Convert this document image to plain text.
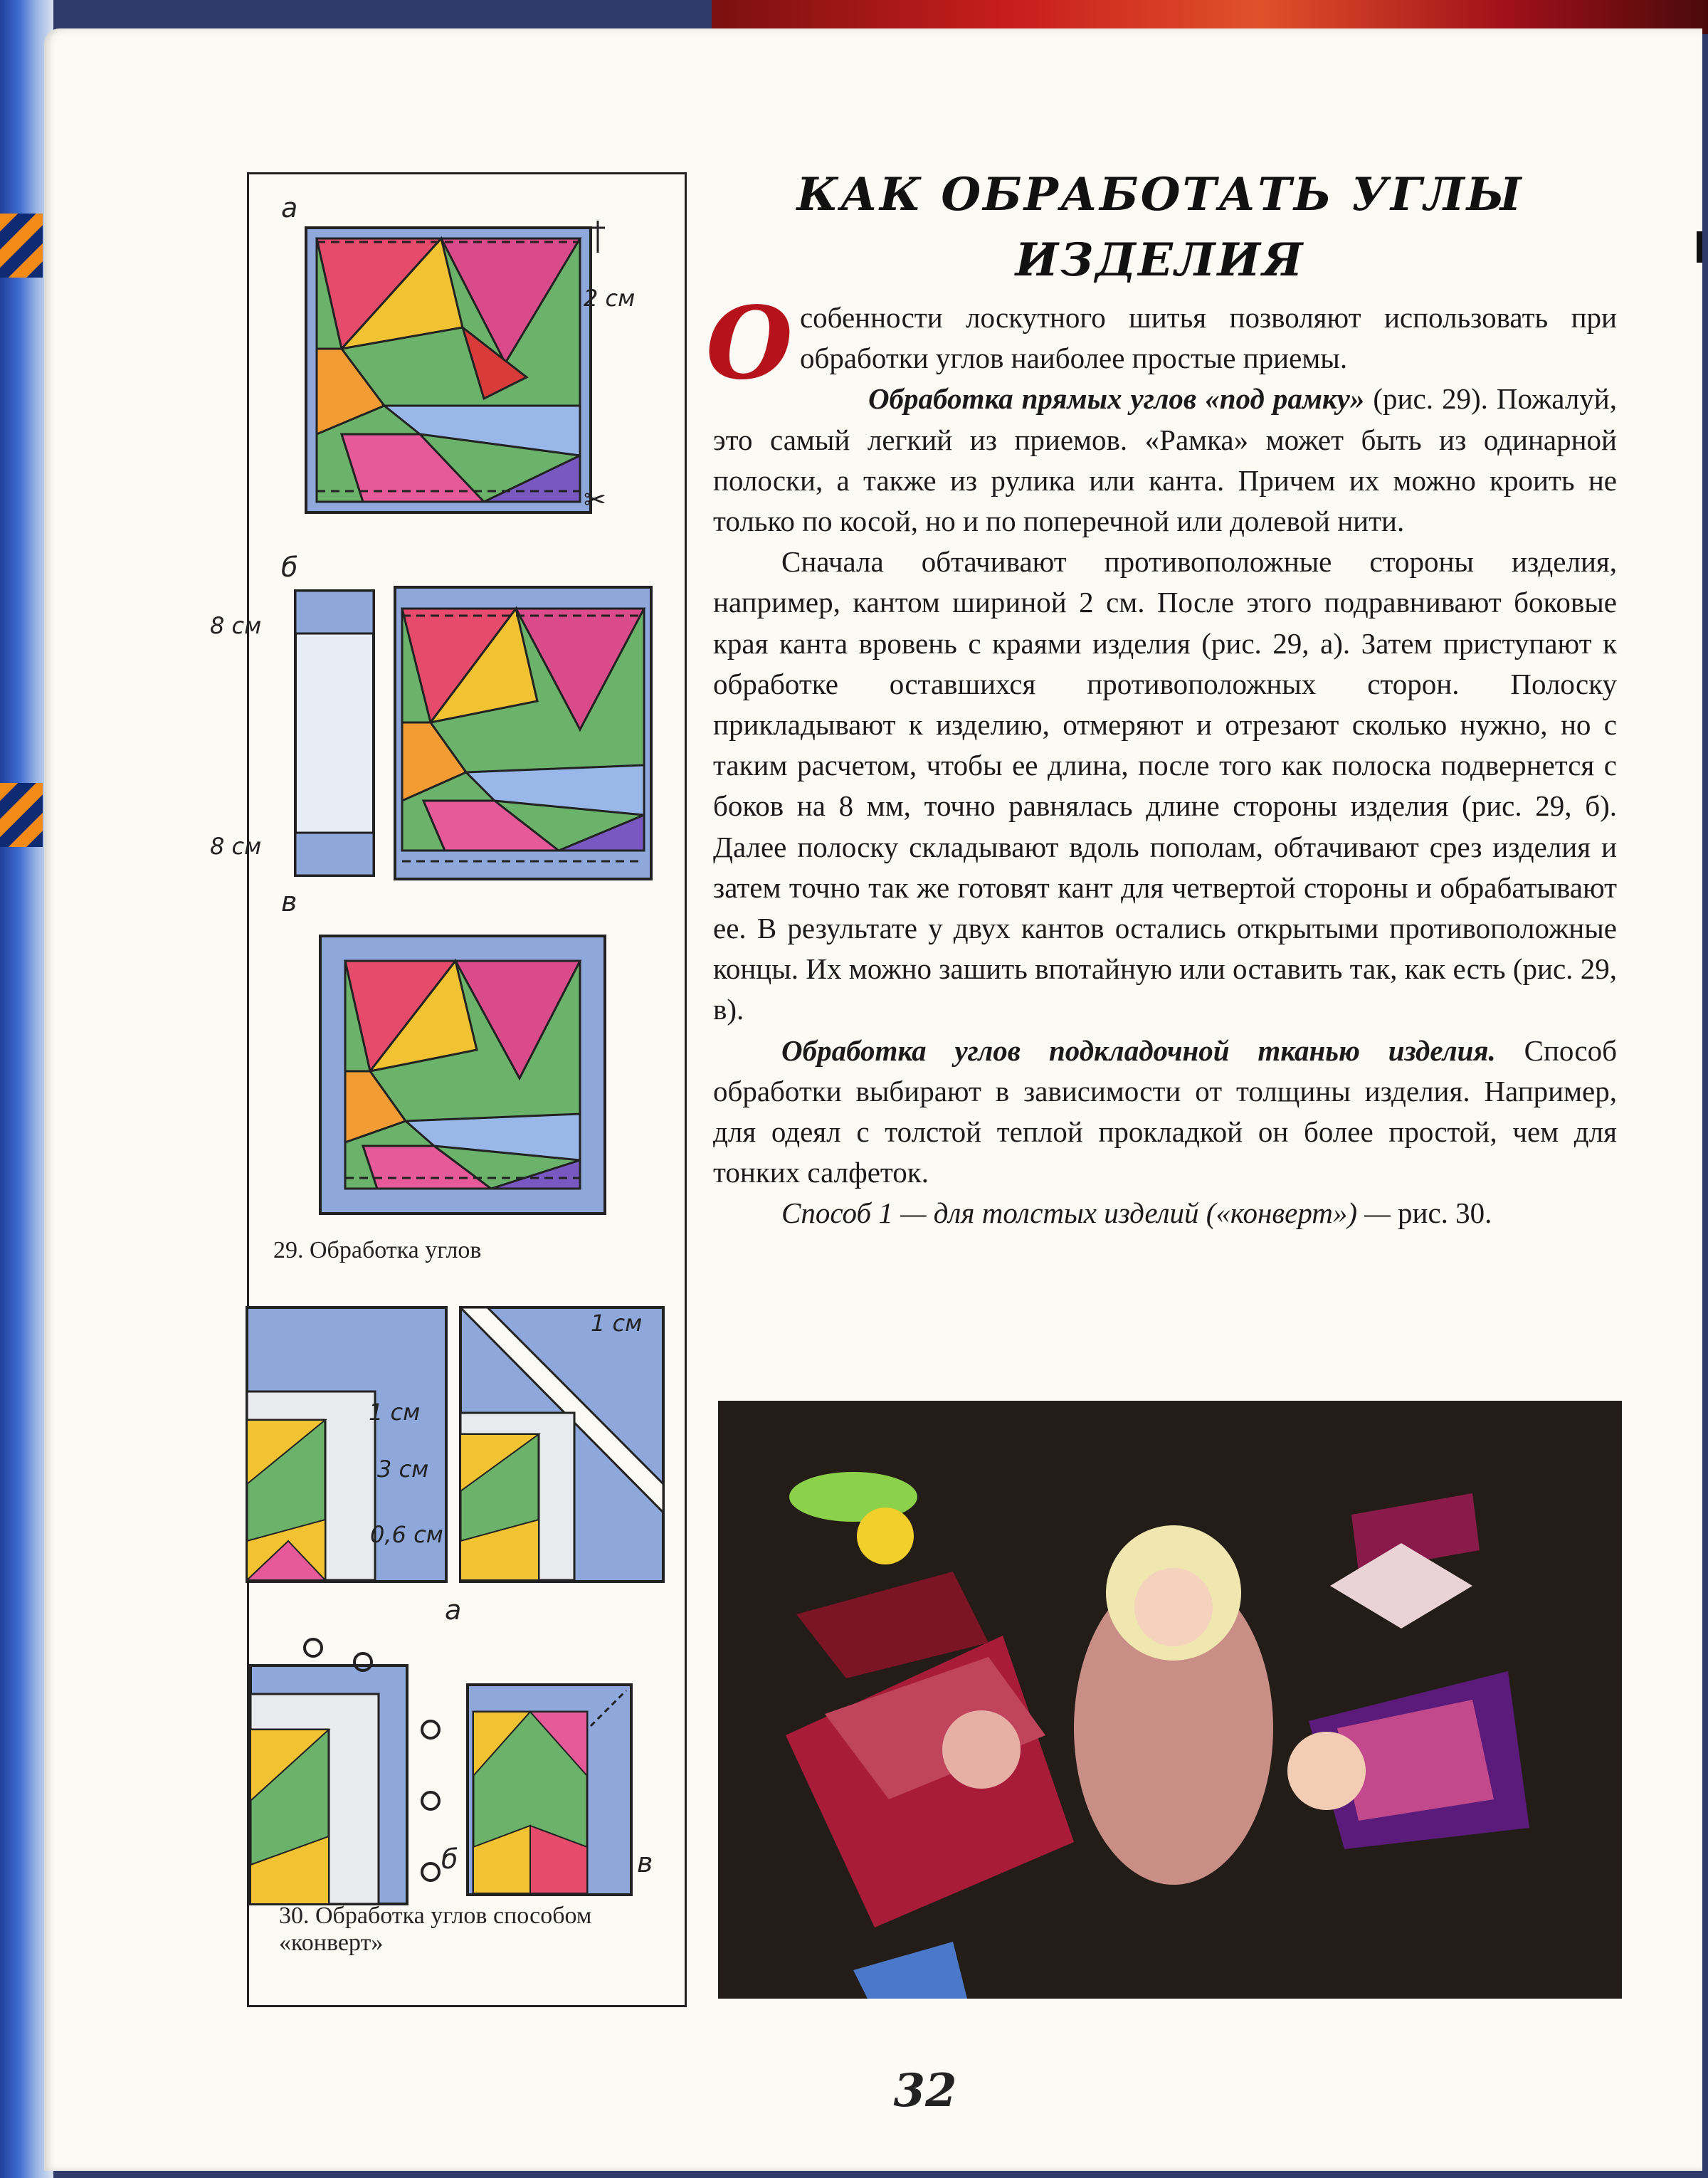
КАК ОБРАБОТАТЬ УГЛЫ
ИЗДЕЛИЯ

Особенности лоскутного шитья позволяют использовать при обработки углов наиболее простые приемы.

Обработка прямых углов «под рамку» (рис. 29). Пожалуй, это самый легкий из приемов. «Рамка» может быть из одинарной полоски, а также из рулика или канта. Причем их можно кроить не только по косой, но и по поперечной или долевой нити.

Сначала обтачивают противоположные стороны изделия, например, кантом шириной 2 см. После этого подравнивают боковые края канта вровень с краями изделия (рис. 29, а). Затем приступают к обработке оставшихся противоположных сторон. Полоску прикладывают к изделию, отмеряют и отрезают сколько нужно, но с таким расчетом, чтобы ее длина, после того как полоска подвернется с боков на 8 мм, точно равнялась длине стороны изделия (рис. 29, б). Далее полоску складывают вдоль пополам, обтачивают срез изделия и затем точно так же готовят кант для четвертой стороны и обрабатывают ее. В результате у двух кантов остались открытыми противоположные концы. Их можно зашить впотайную или оставить так, как есть (рис. 29, в).

Обработка углов подкладочной тканью изделия. Способ обработки выбирают в зависимости от толщины изделия. Например, для одеял с толстой теплой прокладкой он более простой, чем для тонких салфеток.

Способ 1 — для толстых изделий («конверт») — рис. 30.

а
2 см
✂
б
8 см
8 см
в
29. Обработка углов
1 см
3 см
0,6 см
1 см
а
б	в
30. Обработка углов способом
«конверт»
32
